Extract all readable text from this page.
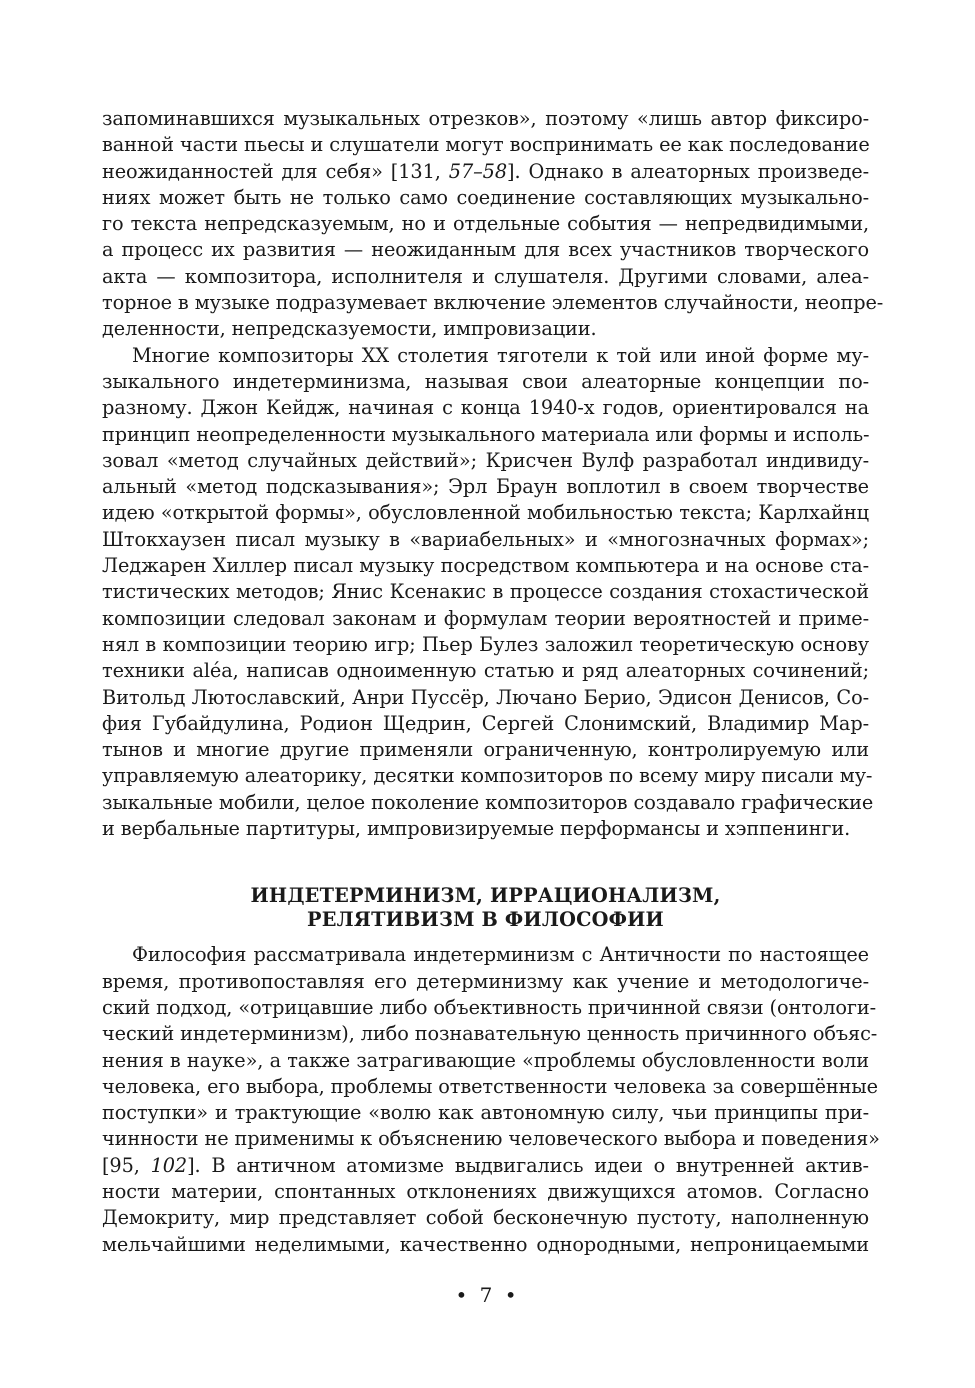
запоминавшихся музыкальных отрезков», поэтому «лишь автор фиксиро-
ванной части пьесы и слушатели могут воспринимать ее как последование
неожиданностей для себя» [131, 57–58]. Однако в алеаторных произведе-
ниях может быть не только само соединение составляющих музыкально-
го текста непредсказуемым, но и отдельные события — непредвидимыми,
а процесс их развития — неожиданным для всех участников творческого
акта — композитора, исполнителя и слушателя. Другими словами, алеа-
торное в музыке подразумевает включение элементов случайности, неопре-
деленности, непредсказуемости, импровизации.

Многие композиторы XX столетия тяготели к той или иной форме му-
зыкального индетерминизма, называя свои алеаторные концепции по-
разному. Джон Кейдж, начиная с конца 1940-х годов, ориентировался на
принцип неопределенности музыкального материала или формы и исполь-
зовал «метод случайных действий»; Крисчен Вулф разработал индивиду-
альный «метод подсказывания»; Эрл Браун воплотил в своем творчестве
идею «открытой формы», обусловленной мобильностью текста; Карлхайнц
Штокхаузен писал музыку в «вариабельных» и «многозначных формах»;
Леджарен Хиллер писал музыку посредством компьютера и на основе ста-
тистических методов; Янис Ксенакис в процессе создания стохастической
композиции следовал законам и формулам теории вероятностей и приме-
нял в композиции теорию игр; Пьер Булез заложил теоретическую основу
техники aléa, написав одноименную статью и ряд алеаторных сочинений;
Витольд Лютославский, Анри Пуссёр, Лючано Берио, Эдисон Денисов, Со-
фия Губайдулина, Родион Щедрин, Сергей Слонимский, Владимир Мар-
тынов и многие другие применяли ограниченную, контролируемую или
управляемую алеаторику, десятки композиторов по всему миру писали му-
зыкальные мобили, целое поколение композиторов создавало графические
и вербальные партитуры, импровизируемые перформансы и хэппенинги.

ИНДЕТЕРМИНИЗМ, ИРРАЦИОНАЛИЗМ,
РЕЛЯТИВИЗМ В ФИЛОСОФИИ

Философия рассматривала индетерминизм с Античности по настоящее
время, противопоставляя его детерминизму как учение и методологиче-
ский подход, «отрицавшие либо объективность причинной связи (онтологи-
ческий индетерминизм), либо познавательную ценность причинного объяс-
нения в науке», а также затрагивающие «проблемы обусловленности воли
человека, его выбора, проблемы ответственности человека за совершённые
поступки» и трактующие «волю как автономную силу, чьи принципы при-
чинности не применимы к объяснению человеческого выбора и поведения»
[95, 102]. В античном атомизме выдвигались идеи о внутренней актив-
ности материи, спонтанных отклонениях движущихся атомов. Согласно
Демокриту, мир представляет собой бесконечную пустоту, наполненную
мельчайшими неделимыми, качественно однородными, непроницаемыми

• 7 •
